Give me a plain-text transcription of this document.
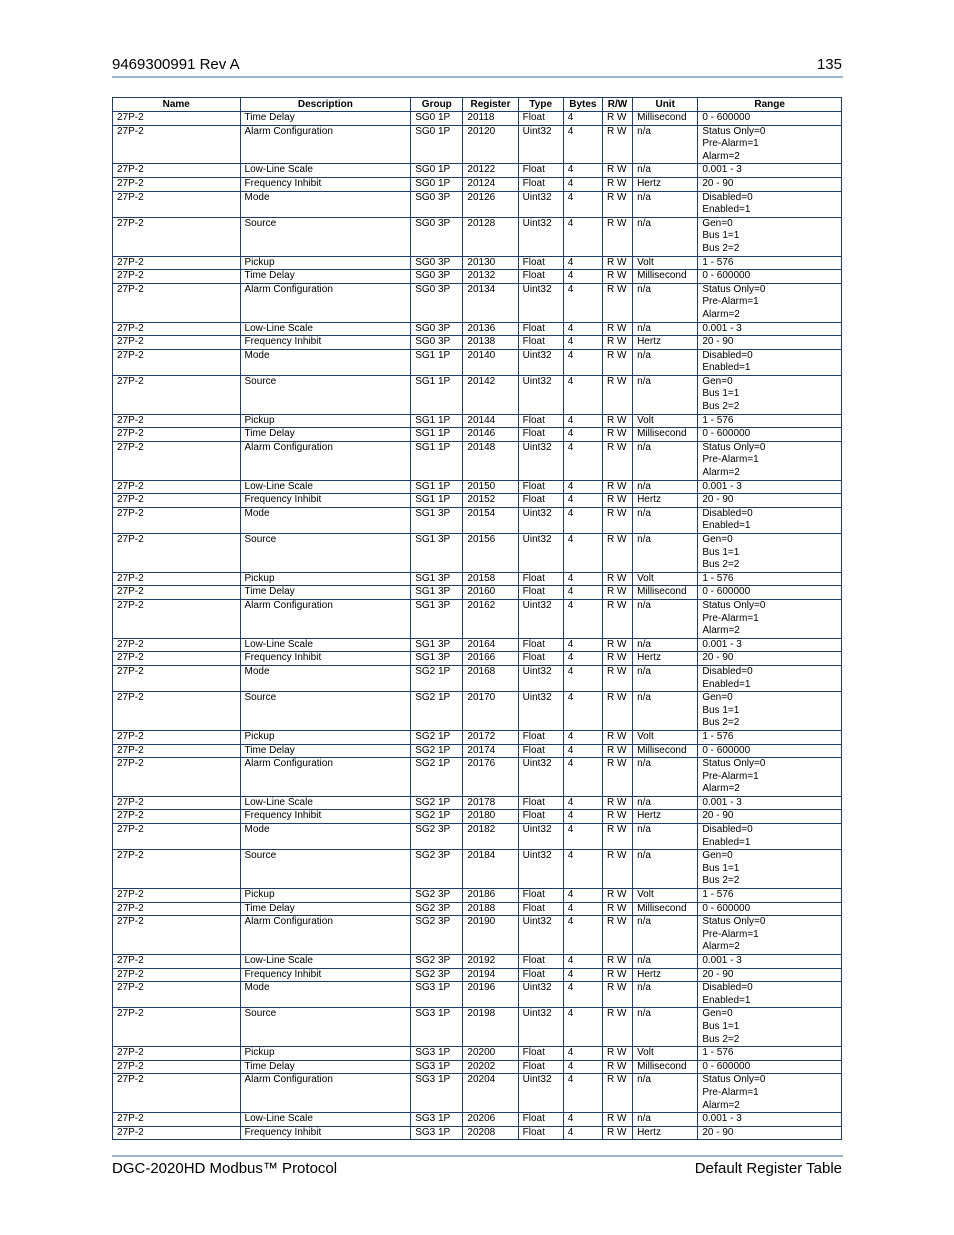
9469300991 Rev A	135
Name	Description	Group	Register	Type	Bytes	R/W	Unit	Range
27P-2	Time Delay	SG0 1P	20118	Float	4	R W	Millisecond	0 - 600000
27P-2	Alarm Configuration	SG0 1P	20120	Uint32	4	R W	n/a	Status Only=0
Pre-Alarm=1
Alarm=2
27P-2	Low-Line Scale	SG0 1P	20122	Float	4	R W	n/a	0.001 - 3
27P-2	Frequency Inhibit	SG0 1P	20124	Float	4	R W	Hertz	20 - 90
27P-2	Mode	SG0 3P	20126	Uint32	4	R W	n/a	Disabled=0
Enabled=1
27P-2	Source	SG0 3P	20128	Uint32	4	R W	n/a	Gen=0
Bus 1=1
Bus 2=2
27P-2	Pickup	SG0 3P	20130	Float	4	R W	Volt	1 - 576
27P-2	Time Delay	SG0 3P	20132	Float	4	R W	Millisecond	0 - 600000
27P-2	Alarm Configuration	SG0 3P	20134	Uint32	4	R W	n/a	Status Only=0
Pre-Alarm=1
Alarm=2
27P-2	Low-Line Scale	SG0 3P	20136	Float	4	R W	n/a	0.001 - 3
27P-2	Frequency Inhibit	SG0 3P	20138	Float	4	R W	Hertz	20 - 90
27P-2	Mode	SG1 1P	20140	Uint32	4	R W	n/a	Disabled=0
Enabled=1
27P-2	Source	SG1 1P	20142	Uint32	4	R W	n/a	Gen=0
Bus 1=1
Bus 2=2
27P-2	Pickup	SG1 1P	20144	Float	4	R W	Volt	1 - 576
27P-2	Time Delay	SG1 1P	20146	Float	4	R W	Millisecond	0 - 600000
27P-2	Alarm Configuration	SG1 1P	20148	Uint32	4	R W	n/a	Status Only=0
Pre-Alarm=1
Alarm=2
27P-2	Low-Line Scale	SG1 1P	20150	Float	4	R W	n/a	0.001 - 3
27P-2	Frequency Inhibit	SG1 1P	20152	Float	4	R W	Hertz	20 - 90
27P-2	Mode	SG1 3P	20154	Uint32	4	R W	n/a	Disabled=0
Enabled=1
27P-2	Source	SG1 3P	20156	Uint32	4	R W	n/a	Gen=0
Bus 1=1
Bus 2=2
27P-2	Pickup	SG1 3P	20158	Float	4	R W	Volt	1 - 576
27P-2	Time Delay	SG1 3P	20160	Float	4	R W	Millisecond	0 - 600000
27P-2	Alarm Configuration	SG1 3P	20162	Uint32	4	R W	n/a	Status Only=0
Pre-Alarm=1
Alarm=2
27P-2	Low-Line Scale	SG1 3P	20164	Float	4	R W	n/a	0.001 - 3
27P-2	Frequency Inhibit	SG1 3P	20166	Float	4	R W	Hertz	20 - 90
27P-2	Mode	SG2 1P	20168	Uint32	4	R W	n/a	Disabled=0
Enabled=1
27P-2	Source	SG2 1P	20170	Uint32	4	R W	n/a	Gen=0
Bus 1=1
Bus 2=2
27P-2	Pickup	SG2 1P	20172	Float	4	R W	Volt	1 - 576
27P-2	Time Delay	SG2 1P	20174	Float	4	R W	Millisecond	0 - 600000
27P-2	Alarm Configuration	SG2 1P	20176	Uint32	4	R W	n/a	Status Only=0
Pre-Alarm=1
Alarm=2
27P-2	Low-Line Scale	SG2 1P	20178	Float	4	R W	n/a	0.001 - 3
27P-2	Frequency Inhibit	SG2 1P	20180	Float	4	R W	Hertz	20 - 90
27P-2	Mode	SG2 3P	20182	Uint32	4	R W	n/a	Disabled=0
Enabled=1
27P-2	Source	SG2 3P	20184	Uint32	4	R W	n/a	Gen=0
Bus 1=1
Bus 2=2
27P-2	Pickup	SG2 3P	20186	Float	4	R W	Volt	1 - 576
27P-2	Time Delay	SG2 3P	20188	Float	4	R W	Millisecond	0 - 600000
27P-2	Alarm Configuration	SG2 3P	20190	Uint32	4	R W	n/a	Status Only=0
Pre-Alarm=1
Alarm=2
27P-2	Low-Line Scale	SG2 3P	20192	Float	4	R W	n/a	0.001 - 3
27P-2	Frequency Inhibit	SG2 3P	20194	Float	4	R W	Hertz	20 - 90
27P-2	Mode	SG3 1P	20196	Uint32	4	R W	n/a	Disabled=0
Enabled=1
27P-2	Source	SG3 1P	20198	Uint32	4	R W	n/a	Gen=0
Bus 1=1
Bus 2=2
27P-2	Pickup	SG3 1P	20200	Float	4	R W	Volt	1 - 576
27P-2	Time Delay	SG3 1P	20202	Float	4	R W	Millisecond	0 - 600000
27P-2	Alarm Configuration	SG3 1P	20204	Uint32	4	R W	n/a	Status Only=0
Pre-Alarm=1
Alarm=2
27P-2	Low-Line Scale	SG3 1P	20206	Float	4	R W	n/a	0.001 - 3
27P-2	Frequency Inhibit	SG3 1P	20208	Float	4	R W	Hertz	20 - 90
DGC-2020HD Modbus™ Protocol	Default Register Table
